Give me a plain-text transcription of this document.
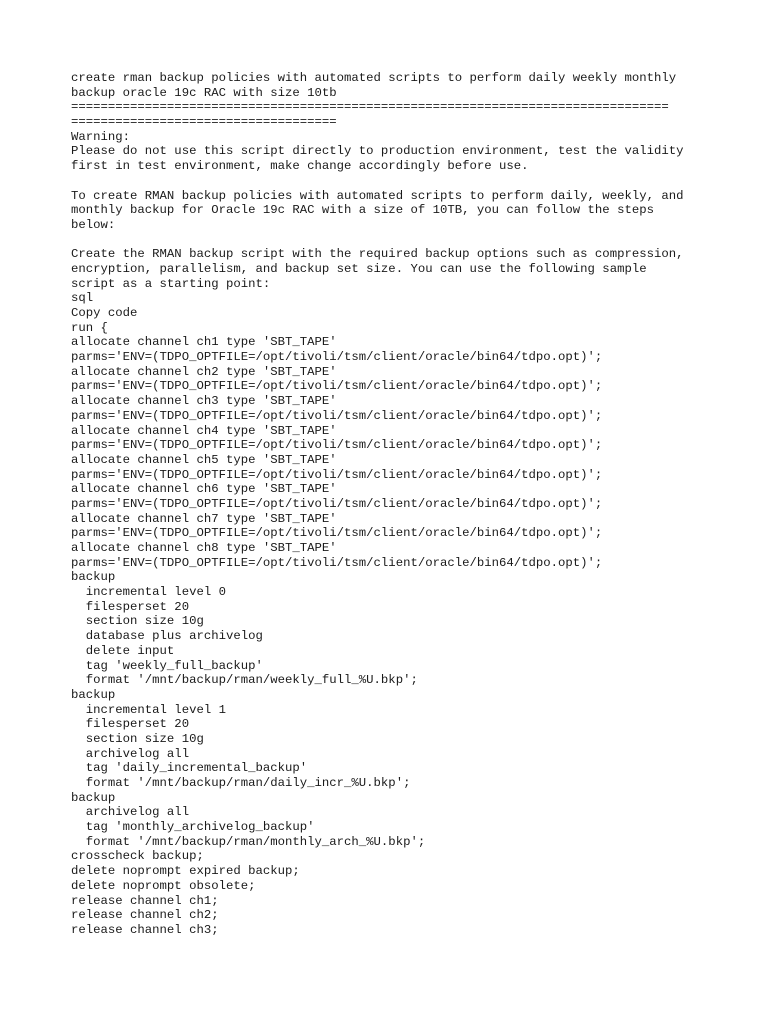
create rman backup policies with automated scripts to perform daily weekly monthly
backup oracle 19c RAC with size 10tb
=================================================================================
====================================
Warning:
Please do not use this script directly to production environment, test the validity
first in test environment, make change accordingly before use.
To create RMAN backup policies with automated scripts to perform daily, weekly, and
monthly backup for Oracle 19c RAC with a size of 10TB, you can follow the steps
below:
Create the RMAN backup script with the required backup options such as compression,
encryption, parallelism, and backup set size. You can use the following sample
script as a starting point:
sql
Copy code
run {
allocate channel ch1 type 'SBT_TAPE'
parms='ENV=(TDPO_OPTFILE=/opt/tivoli/tsm/client/oracle/bin64/tdpo.opt)';
allocate channel ch2 type 'SBT_TAPE'
parms='ENV=(TDPO_OPTFILE=/opt/tivoli/tsm/client/oracle/bin64/tdpo.opt)';
allocate channel ch3 type 'SBT_TAPE'
parms='ENV=(TDPO_OPTFILE=/opt/tivoli/tsm/client/oracle/bin64/tdpo.opt)';
allocate channel ch4 type 'SBT_TAPE'
parms='ENV=(TDPO_OPTFILE=/opt/tivoli/tsm/client/oracle/bin64/tdpo.opt)';
allocate channel ch5 type 'SBT_TAPE'
parms='ENV=(TDPO_OPTFILE=/opt/tivoli/tsm/client/oracle/bin64/tdpo.opt)';
allocate channel ch6 type 'SBT_TAPE'
parms='ENV=(TDPO_OPTFILE=/opt/tivoli/tsm/client/oracle/bin64/tdpo.opt)';
allocate channel ch7 type 'SBT_TAPE'
parms='ENV=(TDPO_OPTFILE=/opt/tivoli/tsm/client/oracle/bin64/tdpo.opt)';
allocate channel ch8 type 'SBT_TAPE'
parms='ENV=(TDPO_OPTFILE=/opt/tivoli/tsm/client/oracle/bin64/tdpo.opt)';
backup
incremental level 0
filesperset 20
section size 10g
database plus archivelog
delete input
tag 'weekly_full_backup'
format '/mnt/backup/rman/weekly_full_%U.bkp';
backup
incremental level 1
filesperset 20
section size 10g
archivelog all
tag 'daily_incremental_backup'
format '/mnt/backup/rman/daily_incr_%U.bkp';
backup
archivelog all
tag 'monthly_archivelog_backup'
format '/mnt/backup/rman/monthly_arch_%U.bkp';
crosscheck backup;
delete noprompt expired backup;
delete noprompt obsolete;
release channel ch1;
release channel ch2;
release channel ch3;
